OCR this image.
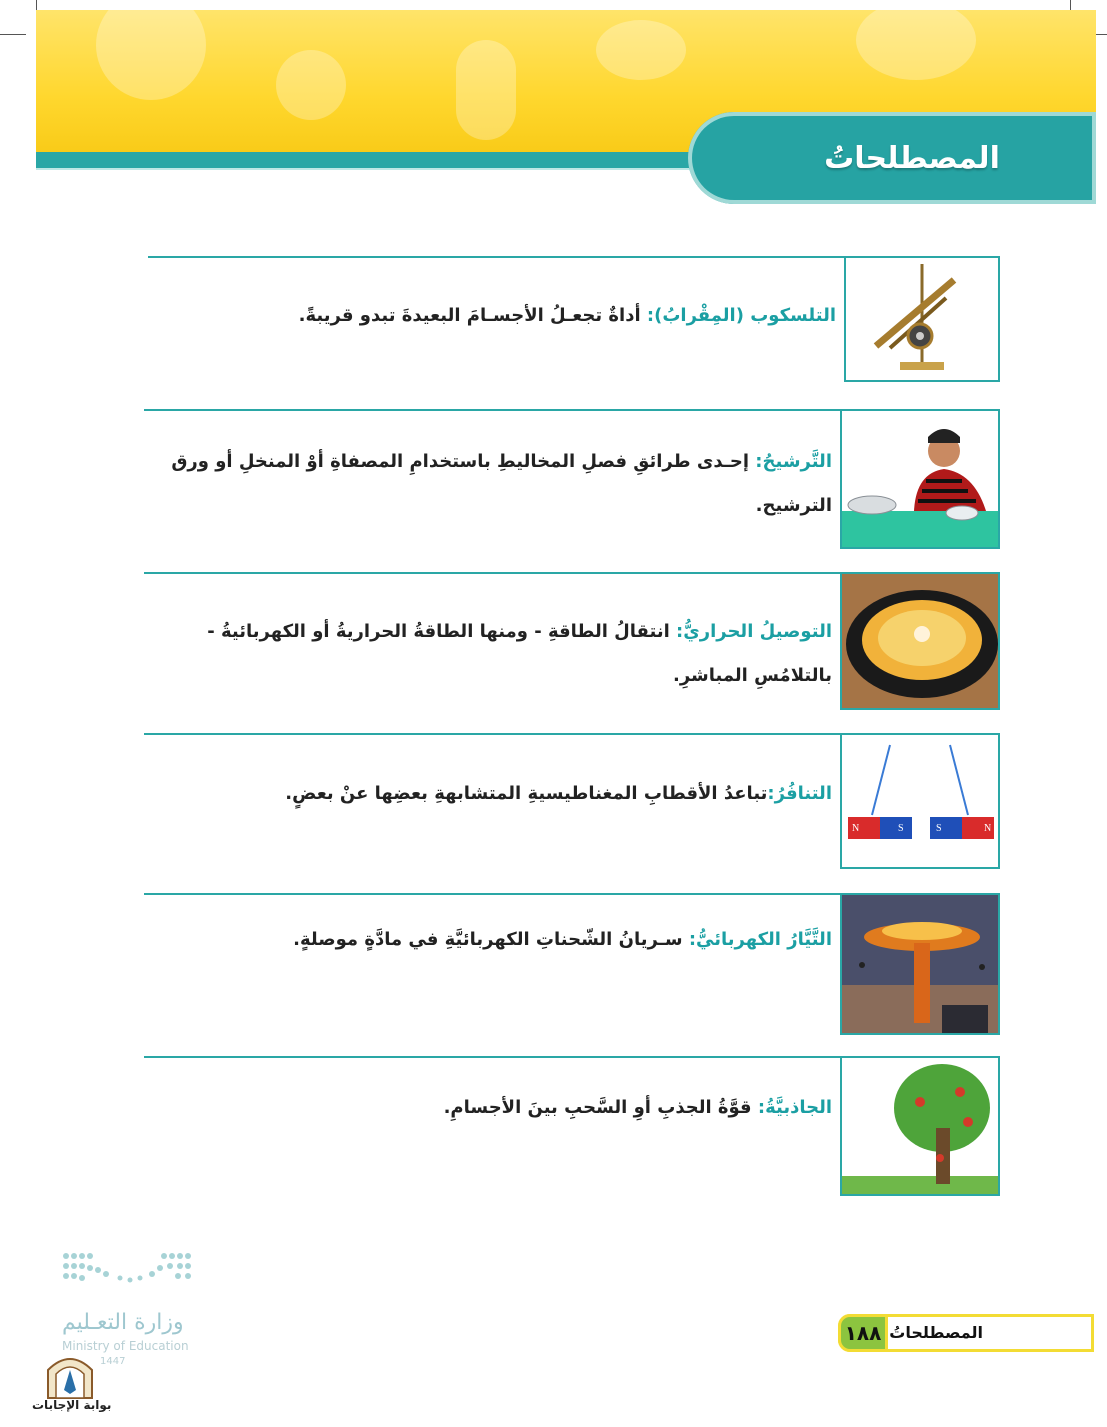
المصطلحاتُ
التلسكوب (المِقْرابُ): أداةٌ تجعـلُ الأجسـامَ البعيدةَ تبدو قريبةً.
التَّرشيحُ: إحـدى طرائقِ فصلِ المخاليطِ باستخدامِ المصفاةِ أوْ المنخلِ أو ورق الترشيح.
التوصيلُ الحراريُّ: انتقالُ الطاقةِ - ومنها الطاقةُ الحراريةُ أو الكهربائيةُ - بالتلامُسِ المباشرِ.
N	S	S	N
التنافُرُ:تباعدُ الأقطابِ المغناطيسيةِ المتشابهةِ بعضِها عنْ بعضٍ.
التَّيَّارُ الكهربائيُّ: سـريانُ الشّحناتِ الكهربائيَّةِ في مادَّةٍ موصلةٍ.
الجاذبيَّةُ: قوَّةُ الجذبِ أوِ السَّحبِ بينَ الأجسامِ.
وزارة التعـليم
Ministry of Education
1447
بوابة الإجابات
١٨٨ المصطلحاتُ
